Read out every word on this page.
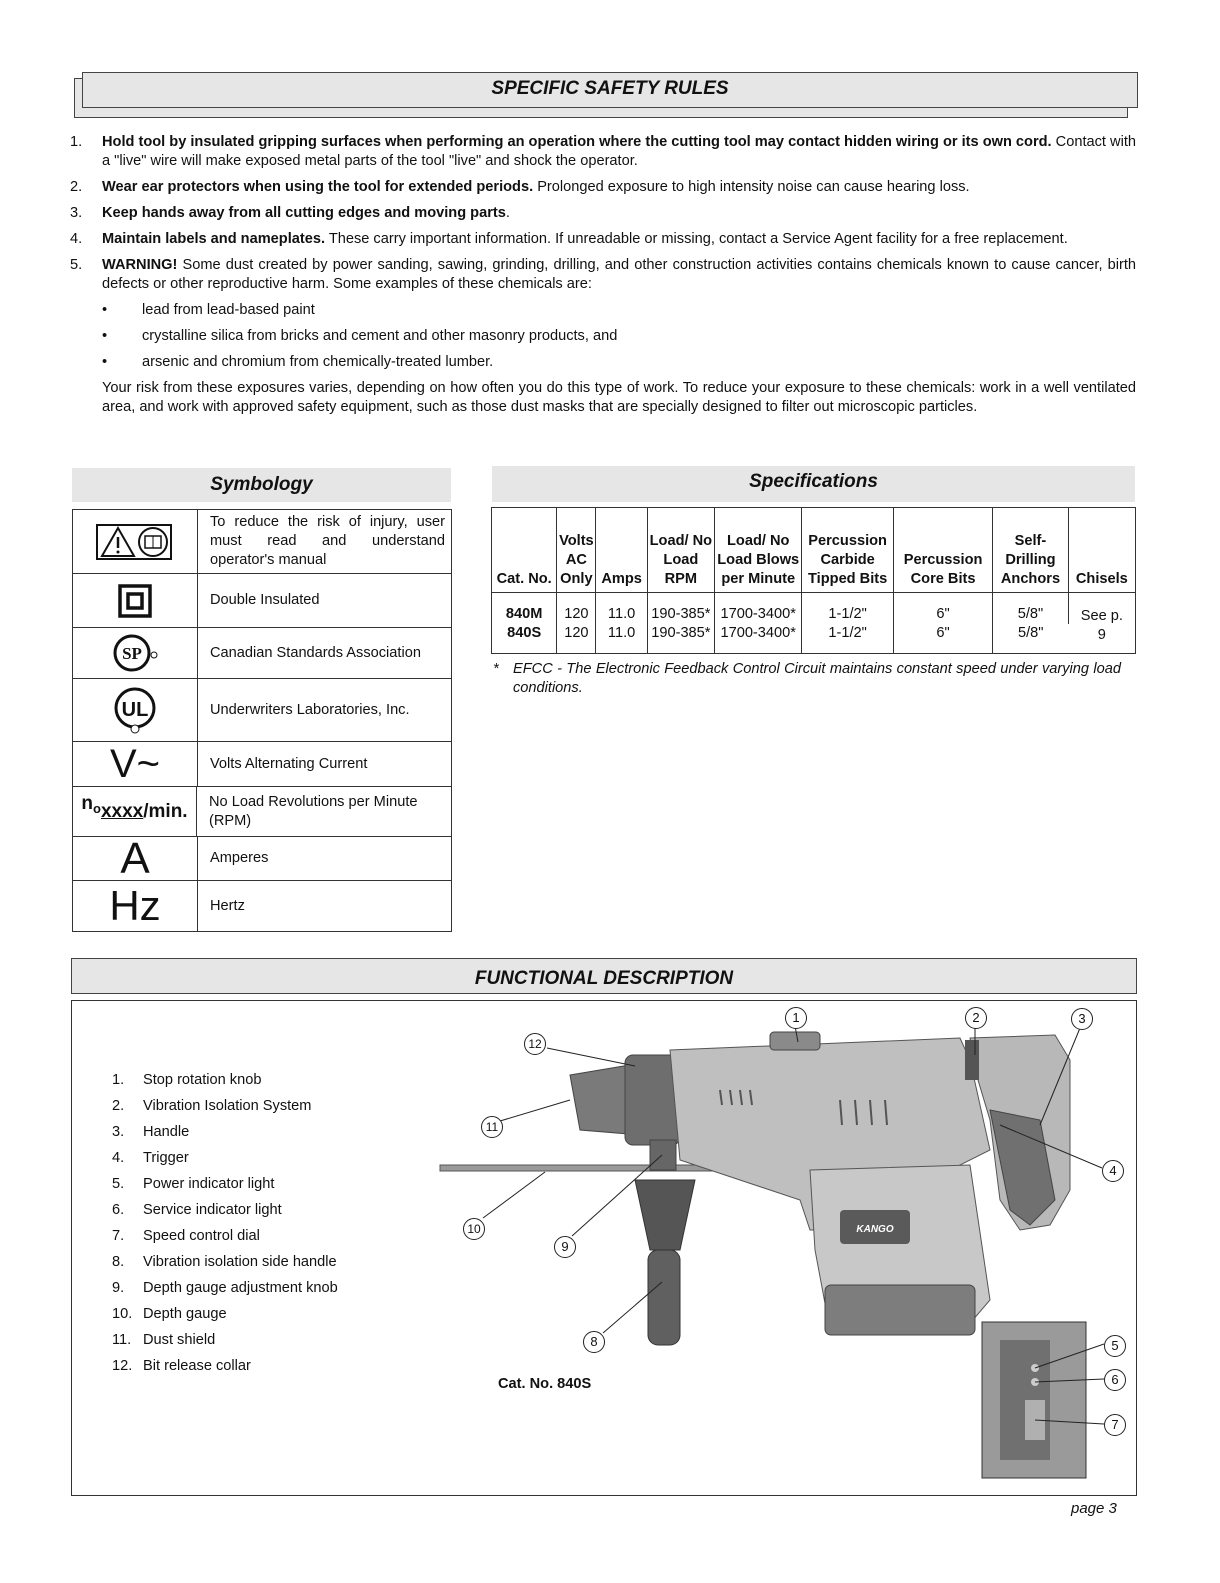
SPECIFIC SAFETY RULES
1.	Hold tool by insulated gripping surfaces when performing an operation where the cutting tool may contact hidden wiring or its own cord. Contact with a "live" wire will make exposed metal parts of the tool "live" and shock the operator.
2.	Wear ear protectors when using the tool for extended periods. Prolonged exposure to high intensity noise can cause hearing loss.
3.	Keep hands away from all cutting edges and moving parts.
4.	Maintain labels and nameplates. These carry important information. If unreadable or missing, contact a Service Agent facility for a free replacement.
5.	WARNING! Some dust created by power sanding, sawing, grinding, drilling, and other construction activities contains chemicals known to cause cancer, birth defects or other reproductive harm. Some examples of these chemicals are:
•	lead from lead-based paint
•	crystalline silica from bricks and cement and other masonry products, and
•	arsenic and chromium from chemically-treated lumber.
Your risk from these exposures varies, depending on how often you do this type of work. To reduce your exposure to these chemicals: work in a well ventilated area, and work with approved safety equipment, such as those dust masks that are specially designed to filter out microscopic particles.
Symbology
To reduce the risk of injury, user must read and understand operator's manual
Double Insulated
SP	Canadian Standards Association
UL	Underwriters Laboratories, Inc.
V~	Volts Alternating Current
n o xxxx /min.	No Load Revolutions per Minute (RPM)
A	Amperes
Hz	Hertz
Specifications
Cat. No.	Volts AC Only	Amps	Load/ No Load RPM	Load/ No Load Blows per Minute	Percussion Carbide Tipped Bits	Percussion Core Bits	Self-Drilling Anchors	Chisels
840M	120	11.0	190-385*	1700-3400*	1-1/2"	6"	5/8"	See p. 9
840S	120	11.0	190-385*	1700-3400*	1-1/2"	6"	5/8"	
* EFCC - The Electronic Feedback Control Circuit maintains constant speed under varying load conditions.
FUNCTIONAL DESCRIPTION
1.	Stop rotation knob
2.	Vibration Isolation System
3.	Handle
4.	Trigger
5.	Power indicator light
6.	Service indicator light
7.	Speed control dial
8.	Vibration isolation side handle
9.	Depth gauge adjustment knob
10. Depth gauge
11. Dust shield
12. Bit release collar
KANGO
1	2	3
4
5
6
7
8
9
10
11
12
Cat. No. 840S
page 3
